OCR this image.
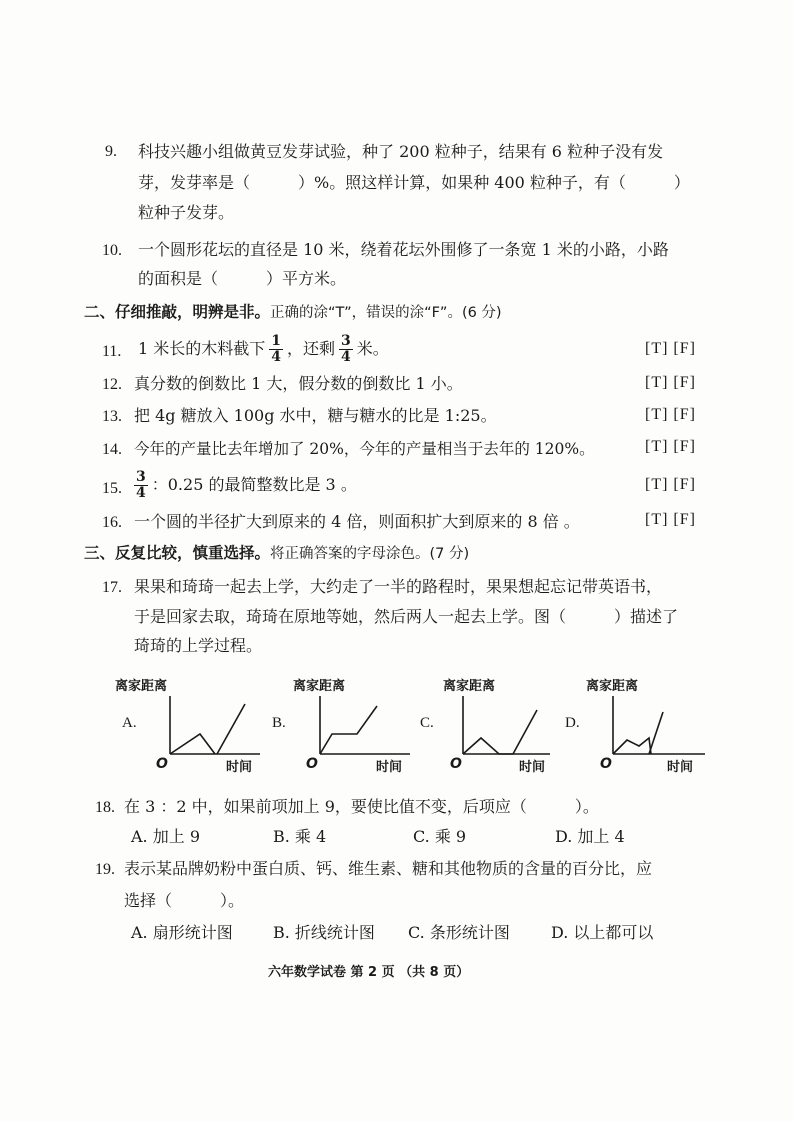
9. 科技兴趣小组做黄豆发芽试验，种了 200 粒种子，结果有 6 粒种子没有发
芽，发芽率是（　　　）%。照这样计算，如果种 400 粒种子，有（　　　）
粒种子发芽。
10. 一个圆形花坛的直径是 10 米，绕着花坛外围修了一条宽 1 米的小路，小路
的面积是（　　　）平方米。
二、仔细推敲，明辨是非。正确的涂“T”，错误的涂“F”。(6 分)
11. 1 米长的木料截下 $\frac{1}{4}$ ，还剩 $\frac{3}{4}$ 米。	[T] [F]
12. 真分数的倒数比 1 大，假分数的倒数比 1 小。	[T] [F]
13. 把 4g 糖放入 100g 水中，糖与糖水的比是 1:25。	[T] [F]
14. 今年的产量比去年增加了 20%，今年的产量相当于去年的 120%。	[T] [F]
15. $\frac{3}{4}$ ：0.25 的最简整数比是 3 。	[T] [F]
16. 一个圆的半径扩大到原来的 4 倍，则面积扩大到原来的 8 倍 。	[T] [F]
三、反复比较，慎重选择。将正确答案的字母涂色。(7 分)
17. 果果和琦琦一起去上学，大约走了一半的路程时，果果想起忘记带英语书，
于是回家去取，琦琦在原地等她，然后两人一起去上学。图（　　　）描述了
琦琦的上学过程。
A.
离家距离
O	时间
B.
离家距离
O	时间
C.
离家距离
O	时间
D.
离家距离
O	时间
18. 在 3 ：2 中，如果前项加上 9，要使比值不变，后项应（　　　）。
A. 加上 9	B. 乘 4	C. 乘 9	D. 加上 4
19. 表示某品牌奶粉中蛋白质、钙、维生素、糖和其他物质的含量的百分比，应
选择（　　　）。
A. 扇形统计图	B. 折线统计图 C. 条形统计图	D. 以上都可以
六年数学试卷 第 2 页 （共 8 页）
